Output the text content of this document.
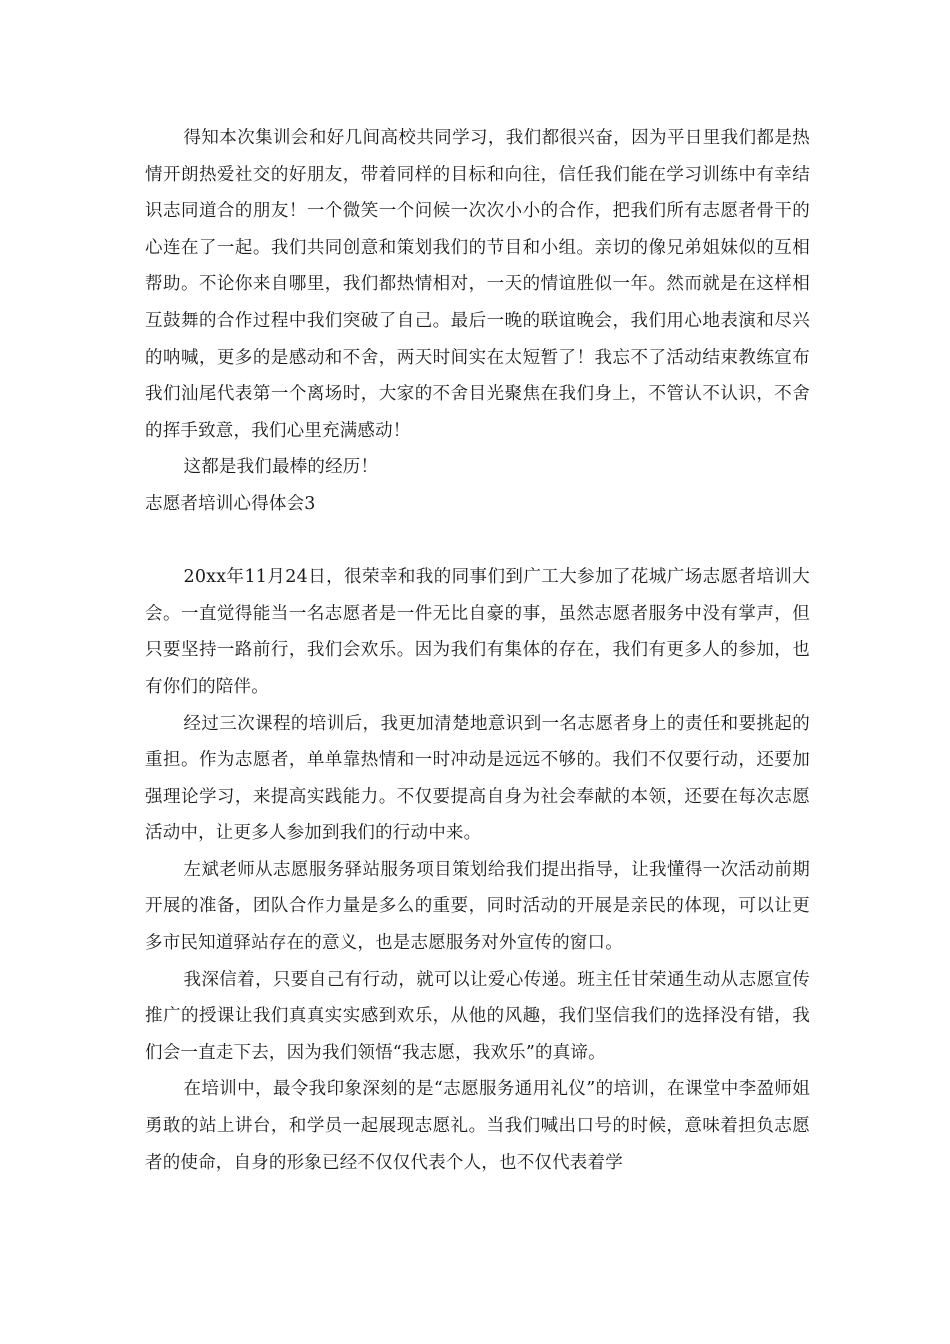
得知本次集训会和好几间高校共同学习，我们都很兴奋，因为平日里我们都是热情开朗热爱社交的好朋友，带着同样的目标和向往，信任我们能在学习训练中有幸结识志同道合的朋友！一个微笑一个问候一次次小小的合作，把我们所有志愿者骨干的心连在了一起。我们共同创意和策划我们的节目和小组。亲切的像兄弟姐妹似的互相帮助。不论你来自哪里，我们都热情相对，一天的情谊胜似一年。然而就是在这样相互鼓舞的合作过程中我们突破了自己。最后一晚的联谊晚会，我们用心地表演和尽兴的呐喊，更多的是感动和不舍，两天时间实在太短暂了！我忘不了活动结束教练宣布我们汕尾代表第一个离场时，大家的不舍目光聚焦在我们身上，不管认不认识，不舍的挥手致意，我们心里充满感动！

这都是我们最棒的经历！

志愿者培训心得体会3

20xx年11月24日，很荣幸和我的同事们到广工大参加了花城广场志愿者培训大会。一直觉得能当一名志愿者是一件无比自豪的事，虽然志愿者服务中没有掌声，但只要坚持一路前行，我们会欢乐。因为我们有集体的存在，我们有更多人的参加，也有你们的陪伴。

经过三次课程的培训后，我更加清楚地意识到一名志愿者身上的责任和要挑起的重担。作为志愿者，单单靠热情和一时冲动是远远不够的。我们不仅要行动，还要加强理论学习，来提高实践能力。不仅要提高自身为社会奉献的本领，还要在每次志愿活动中，让更多人参加到我们的行动中来。

左斌老师从志愿服务驿站服务项目策划给我们提出指导，让我懂得一次活动前期开展的准备，团队合作力量是多么的重要，同时活动的开展是亲民的体现，可以让更多市民知道驿站存在的意义，也是志愿服务对外宣传的窗口。

我深信着，只要自己有行动，就可以让爱心传递。班主任甘荣通生动从志愿宣传推广的授课让我们真真实实感到欢乐，从他的风趣，我们坚信我们的选择没有错，我们会一直走下去，因为我们领悟“我志愿，我欢乐”的真谛。

在培训中，最令我印象深刻的是“志愿服务通用礼仪”的培训，在课堂中李盈师姐勇敢的站上讲台，和学员一起展现志愿礼。当我们喊出口号的时候，意味着担负志愿者的使命，自身的形象已经不仅仅代表个人，也不仅代表着学
